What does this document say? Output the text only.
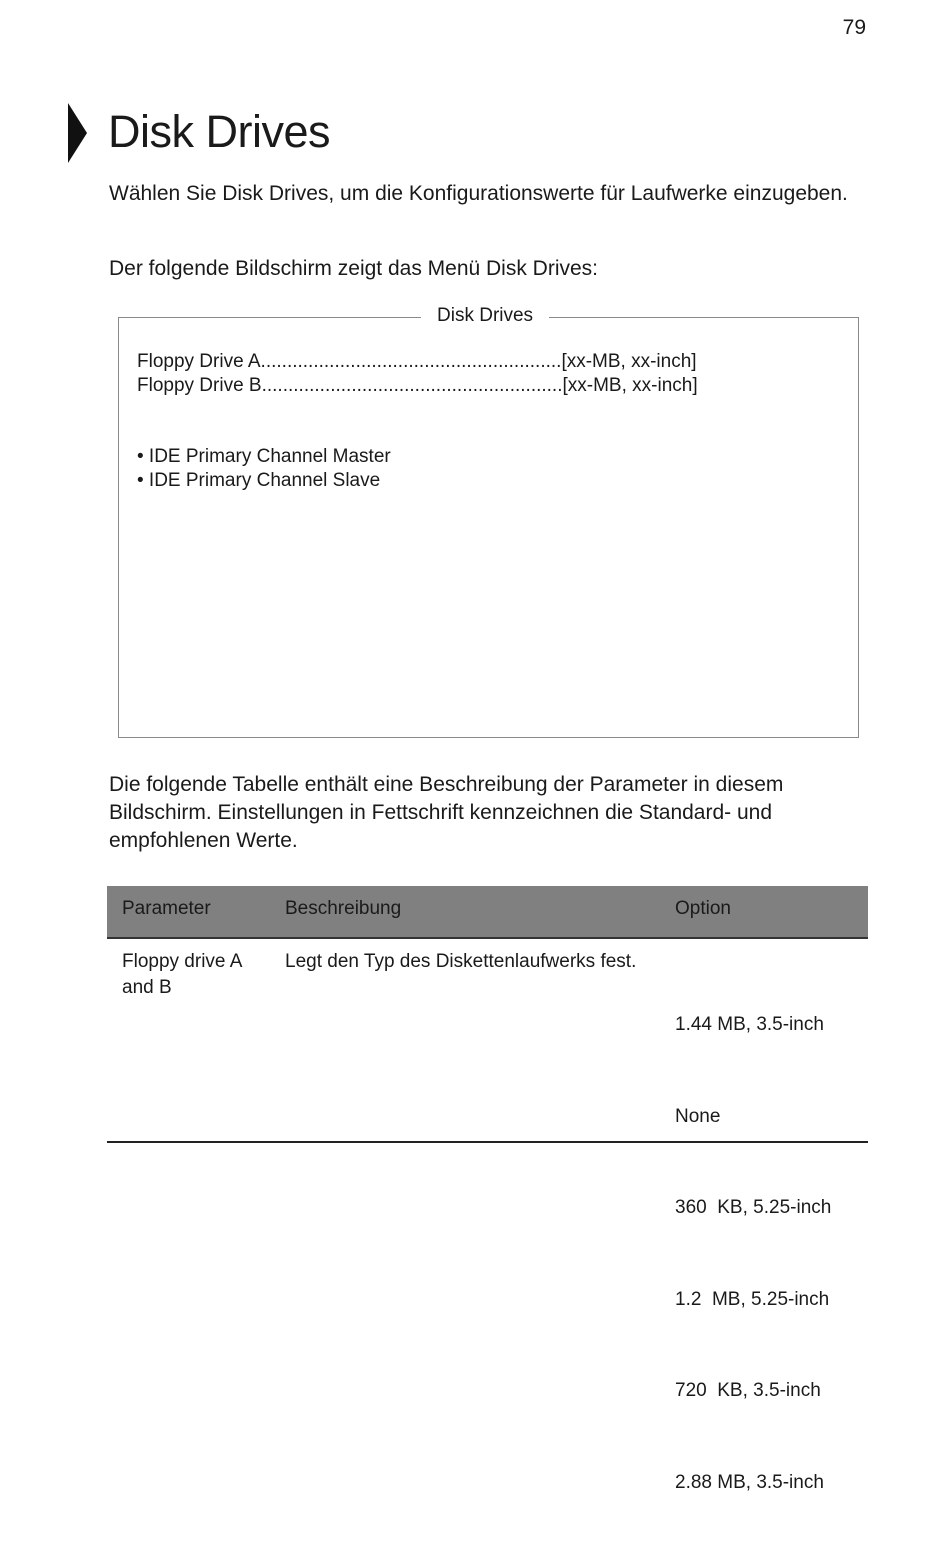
79
Disk Drives

Wählen Sie Disk Drives, um die Konfigurationswerte für Laufwerke einzugeben.

Der folgende Bildschirm zeigt das Menü Disk Drives:

Disk Drives
Floppy Drive A.........................................................[xx-MB, xx-inch]
Floppy Drive B.........................................................[xx-MB, xx-inch]
• IDE Primary Channel Master
• IDE Primary Channel Slave

Die folgende Tabelle enthält eine Beschreibung der Parameter in diesem Bildschirm. Einstellungen in Fettschrift kennzeichnen die Standard- und empfohlenen Werte.

Parameter	Beschreibung	Option
Floppy drive A and B
Legt den Typ des Diskettenlaufwerks fest.

1.44 MB, 3.5-inch

None

360  KB, 5.25-inch

1.2  MB, 5.25-inch

720  KB, 3.5-inch

2.88 MB, 3.5-inch
